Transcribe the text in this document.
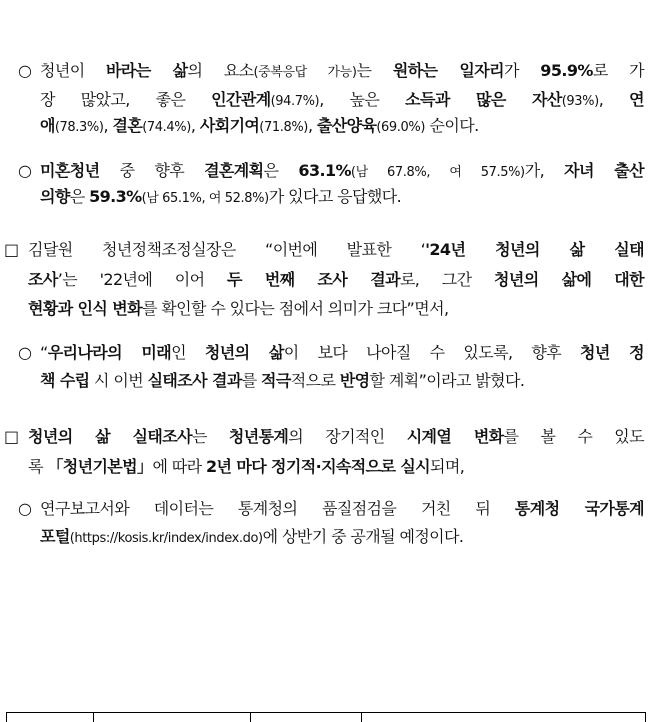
○ 청년이 바라는 삶의 요소(중복응답 가능)는 원하는 일자리가 95.9%로 가
장 많았고, 좋은 인간관계(94.7%), 높은 소득과 많은 자산(93%), 연
애(78.3%), 결혼(74.4%), 사회기여(71.8%), 출산양육(69.0%) 순이다.
○ 미혼청년 중 향후 결혼계획은 63.1%(남 67.8%, 여 57.5%)가, 자녀 출산
의향은 59.3%(남 65.1%, 여 52.8%)가 있다고 응답했다.
□ 김달원 청년정책조정실장은 “이번에 발표한 ‘'24년 청년의 삶 실태
조사’는 '22년에 이어 두 번째 조사 결과로, 그간 청년의 삶에 대한
현황과 인식 변화를 확인할 수 있다는 점에서 의미가 크다”면서,
○ “우리나라의 미래인 청년의 삶이 보다 나아질 수 있도록, 향후 청년 정
책 수립 시 이번 실태조사 결과를 적극적으로 반영할 계획”이라고 밝혔다.
□ 청년의 삶 실태조사는 청년통계의 장기적인 시계열 변화를 볼 수 있도
록 「청년기본법」에 따라 2년 마다 정기적·지속적으로 실시되며,
○ 연구보고서와 데이터는 통계청의 품질점검을 거친 뒤 통계청 국가통계
포털(https://kosis.kr/index/index.do)에 상반기 중 공개될 예정이다.
